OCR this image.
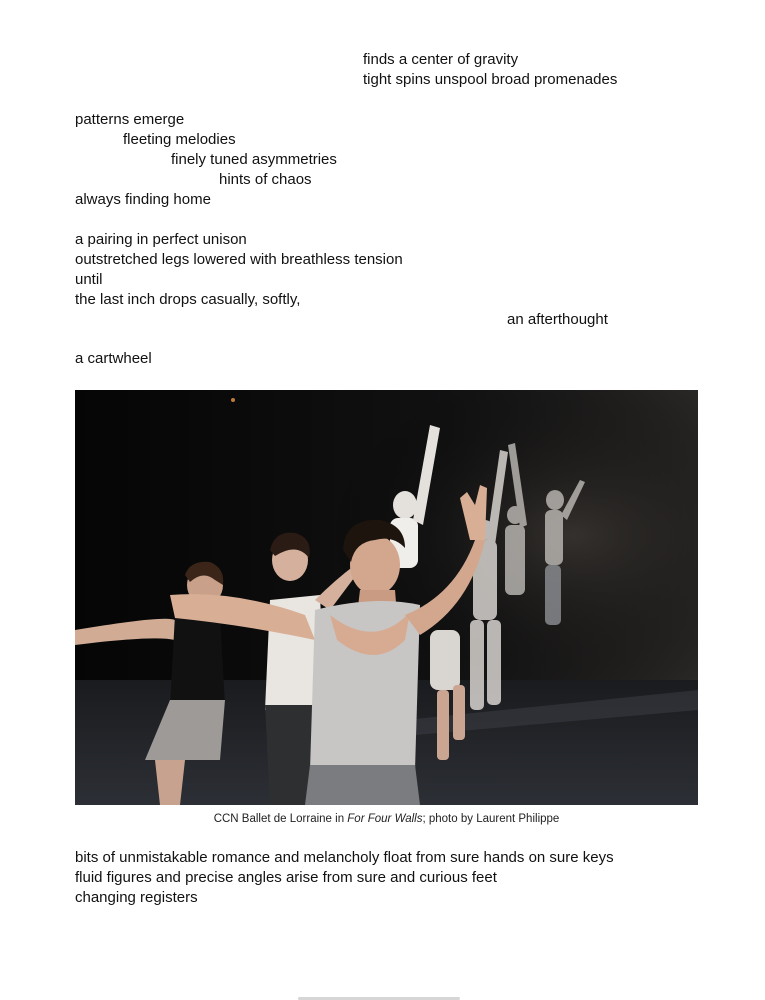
finds a center of gravity
tight spins unspool broad promenades
patterns emerge
fleeting melodies
finely tuned asymmetries
hints of chaos
always finding home
a pairing in perfect unison
outstretched legs lowered with breathless tension
until
the last inch drops casually, softly,
an afterthought
a cartwheel
CCN Ballet de Lorraine in For Four Walls; photo by Laurent Philippe
bits of unmistakable romance and melancholy float from sure hands on sure keys
fluid figures and precise angles arise from sure and curious feet
changing registers
